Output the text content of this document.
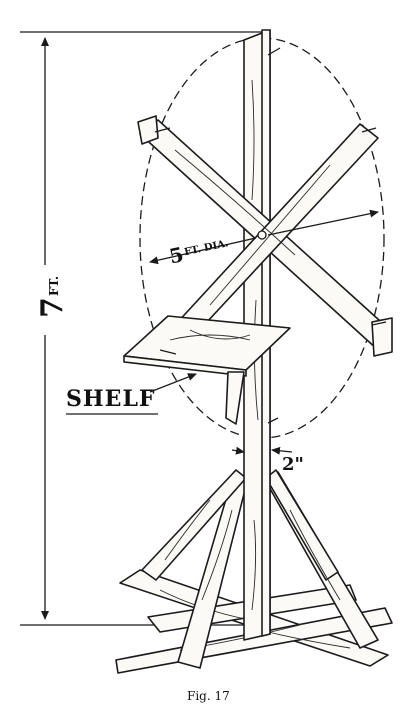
7
FT.
5
FT. DIA.
SHELF
2"
Fig. 17
